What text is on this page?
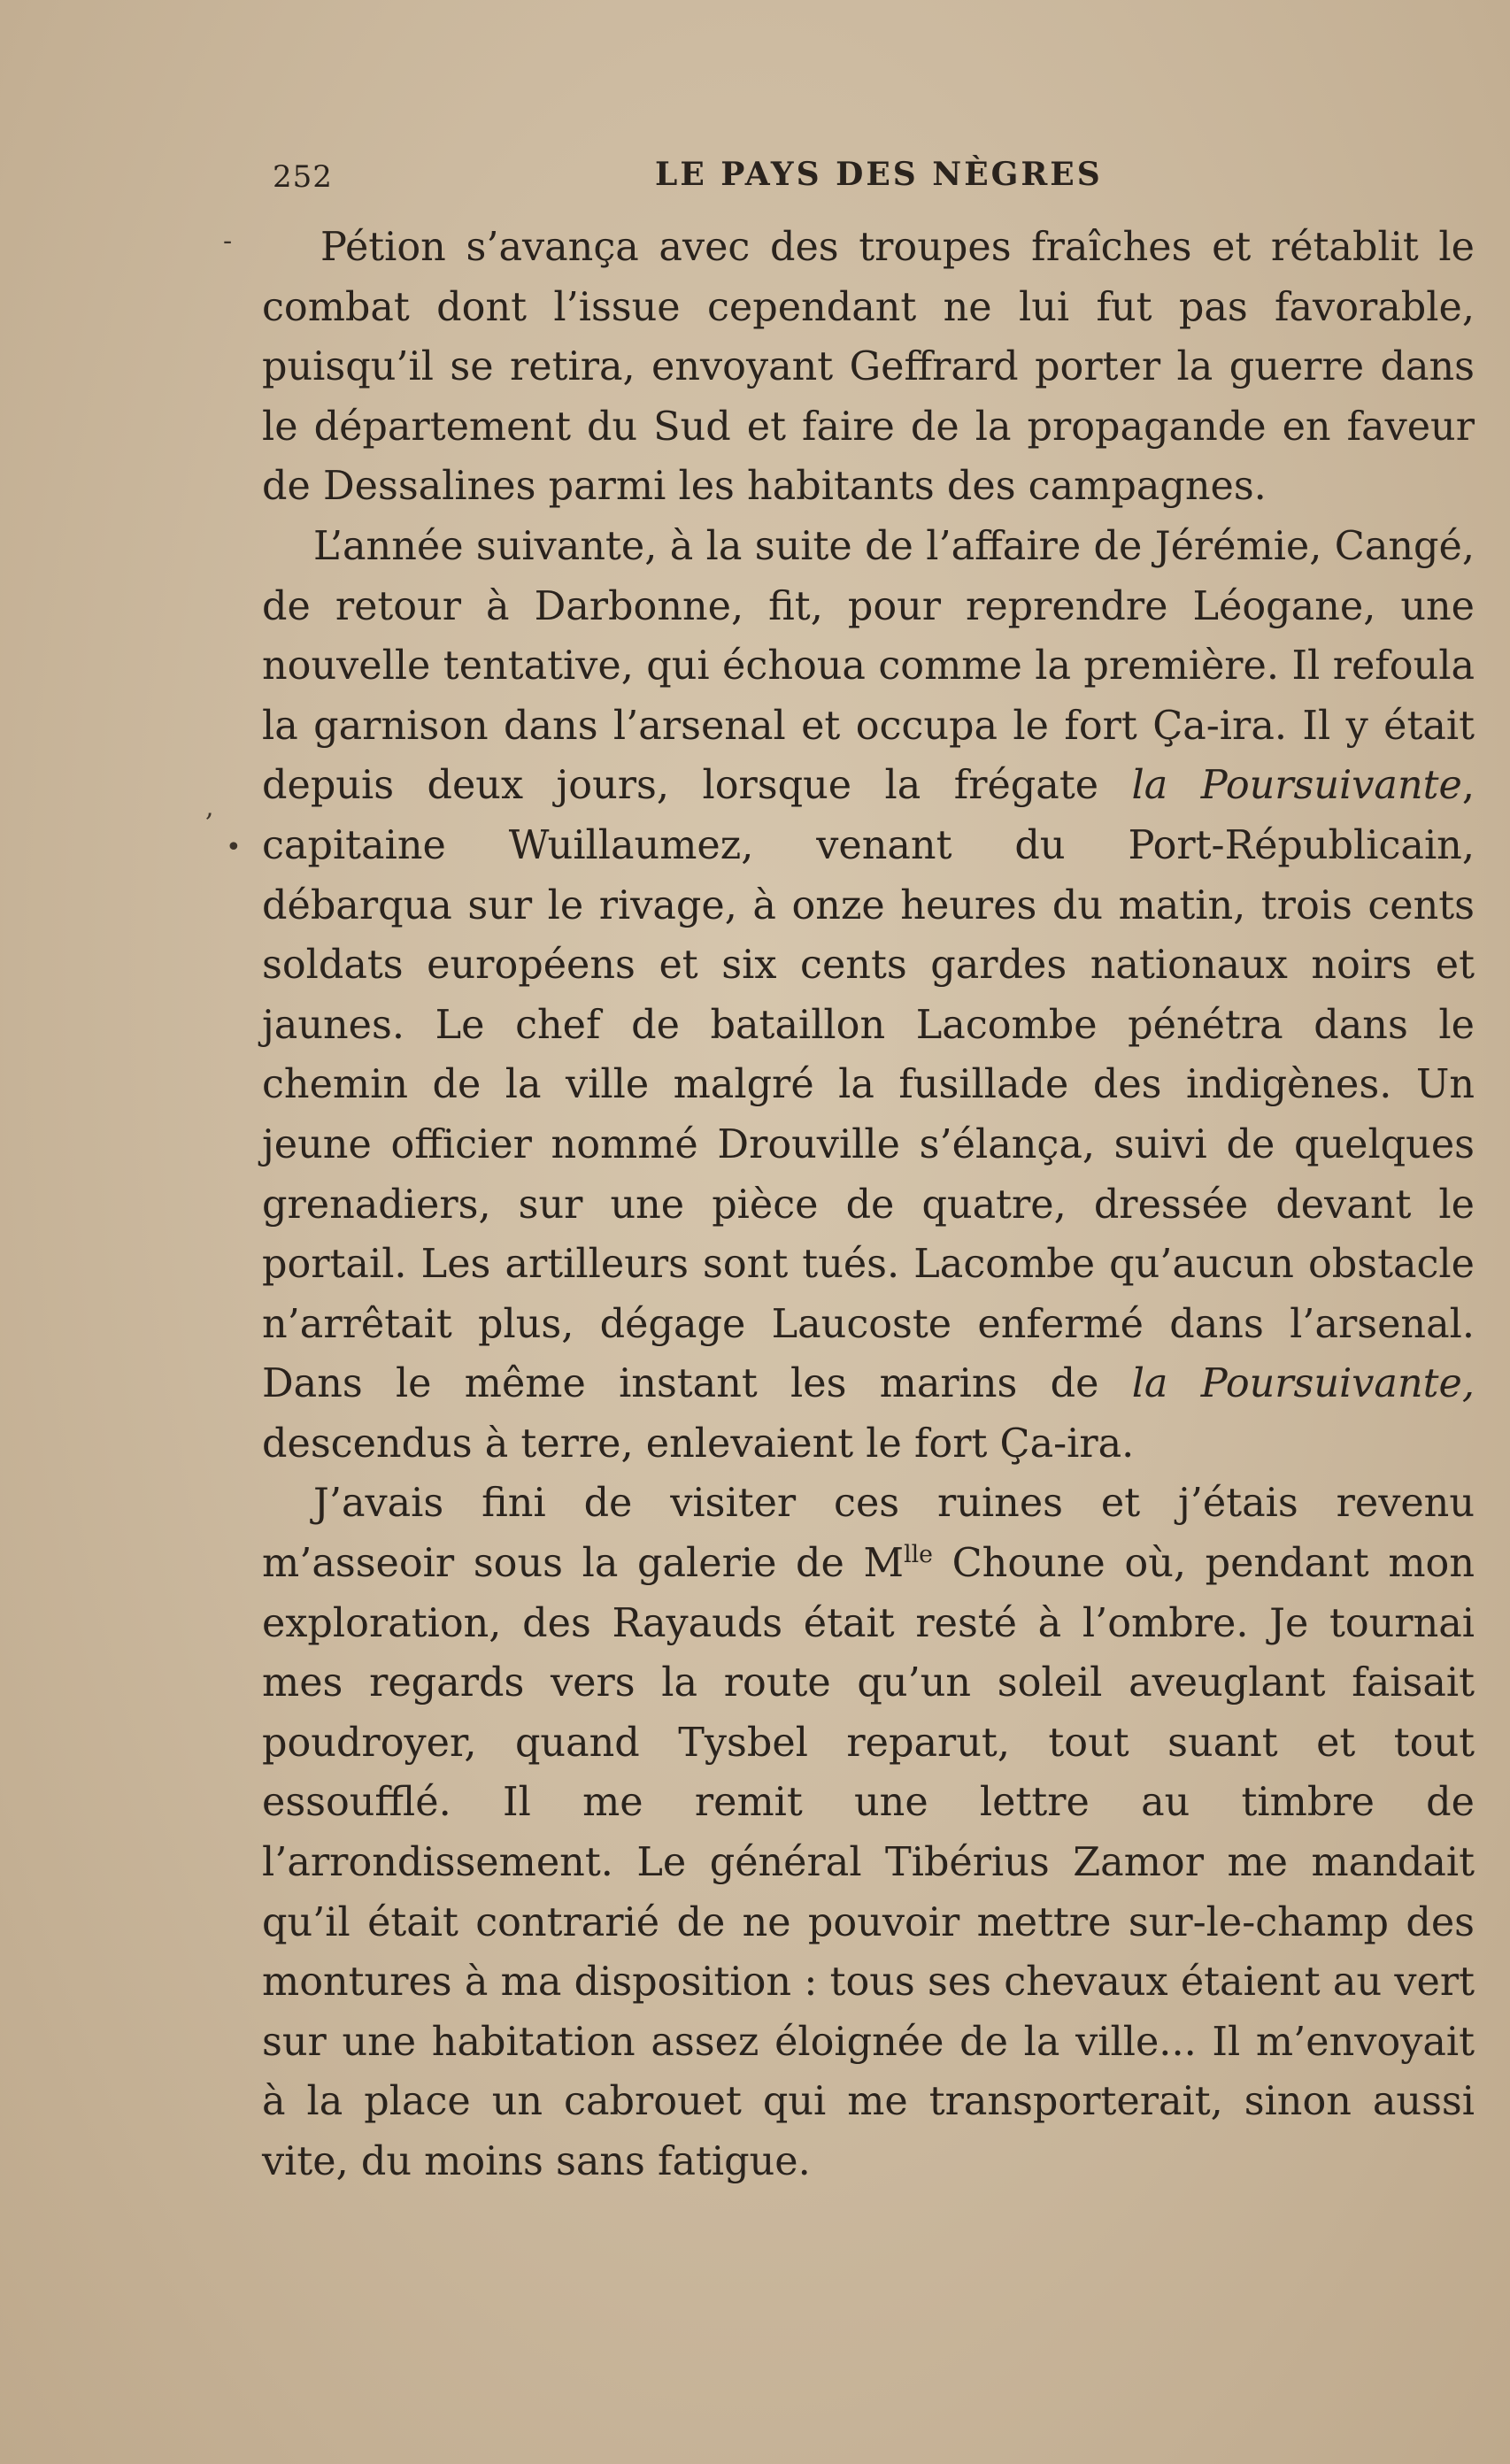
252	LE PAYS DES NÈGRES

Pétion s’avança avec des troupes fraîches et rétablit le combat dont l’issue cependant ne lui fut pas favorable, puisqu’il se retira, envoyant Geffrard porter la guerre dans le département du Sud et faire de la propagande en faveur de Dessalines parmi les habitants des campagnes.

L’année suivante, à la suite de l’affaire de Jérémie, Cangé, de retour à Darbonne, fit, pour reprendre Léogane, une nouvelle tentative, qui échoua comme la première. Il refoula la garnison dans l’arsenal et occupa le fort Ça-ira. Il y était depuis deux jours, lorsque la frégate la Poursuivante, capitaine Wuillaumez, venant du Port-Républicain, débarqua sur le rivage, à onze heures du matin, trois cents soldats européens et six cents gardes nationaux noirs et jaunes. Le chef de bataillon Lacombe pénétra dans le chemin de la ville malgré la fusillade des indigènes. Un jeune officier nommé Drouville s’élança, suivi de quelques grenadiers, sur une pièce de quatre, dressée devant le portail. Les artilleurs sont tués. Lacombe qu’aucun obstacle n’arrêtait plus, dégage Laucoste enfermé dans l’arsenal. Dans le même instant les marins de la Poursuivante, descendus à terre, enlevaient le fort Ça-ira.

J’avais fini de visiter ces ruines et j’étais revenu m’asseoir sous la galerie de $M^{lle}$ Choune où, pendant mon exploration, des Rayauds était resté à l’ombre. Je tournai mes regards vers la route qu’un soleil aveuglant faisait poudroyer, quand Tysbel reparut, tout suant et tout essoufflé. Il me remit une lettre au timbre de l’arrondissement. Le général Tibérius Zamor me mandait qu’il était contrarié de ne pouvoir mettre sur-le-champ des montures à ma disposition : tous ses chevaux étaient au vert sur une habitation assez éloignée de la ville... Il m’envoyait à la place un cabrouet qui me transporterait, sinon aussi vite, du moins sans fatigue.

-
,
•
